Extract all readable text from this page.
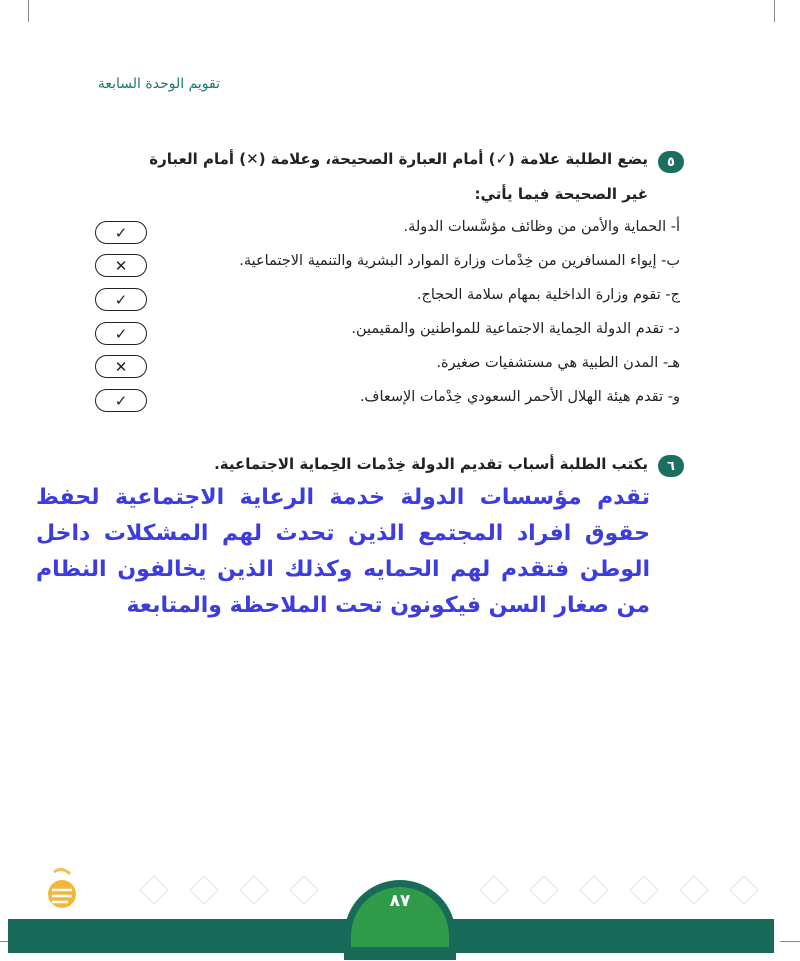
تقويم الوحدة السابعة
٥
يضع الطلبة علامة (✓) أمام العبارة الصحيحة، وعلامة (✕) أمام العبارة
غير الصحيحة فيما يأتي:
أ- الحماية والأمن من وظائف مؤسَّسات الدولة.
✓
ب- إيواء المسافرين من خِدْمات وزارة الموارد البشرية والتنمية الاجتماعية.
✕
ج- تقوم وزارة الداخلية بمهام سلامة الحجاج.
✓
د- تقدم الدولة الحِماية الاجتماعية للمواطنين والمقيمين.
✓
هـ- المدن الطبية هي مستشفيات صغيرة.
✕
و- تقدم هيئة الهلال الأحمر السعودي خِدْمات الإسعاف.
✓
٦
يكتب الطلبة أسباب تقديم الدولة خِدْمات الحِماية الاجتماعية.
تقدم مؤسسات الدولة خدمة الرعاية الاجتماعية لحفظ حقوق افراد المجتمع الذين تحدث لهم المشكلات داخل الوطن فتقدم لهم الحمايه وكذلك الذين يخالفون النظام من صغار السن فيكونون تحت الملاحظة والمتابعة
٨٧
